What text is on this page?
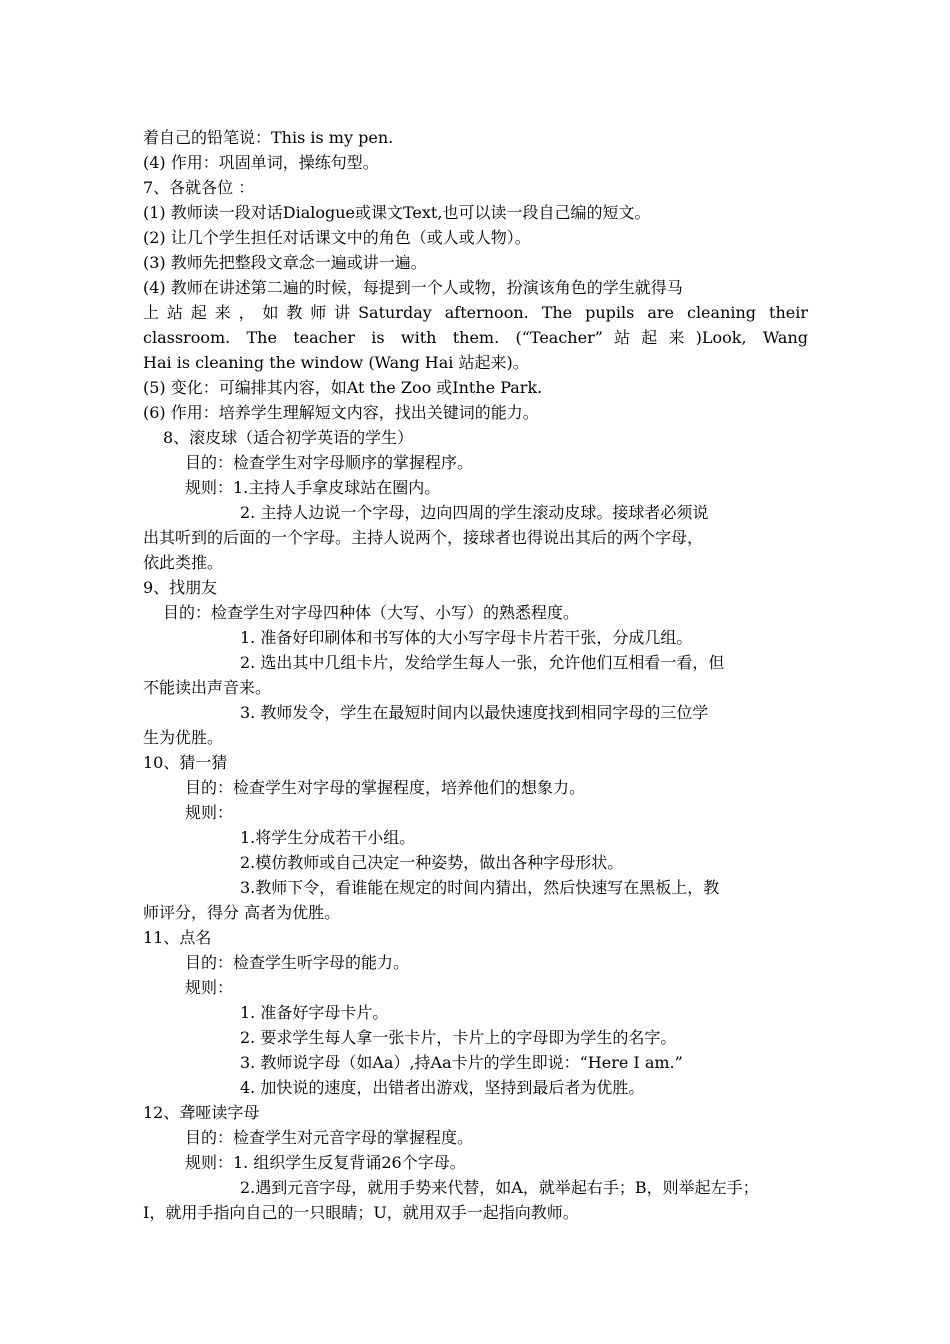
着自己的铅笔说：This is my pen.
(4) 作用：巩固单词，操练句型。
7、各就各位 ：
(1) 教师读一段对话Dialogue或课文Text,也可以读一段自己编的短文。
(2) 让几个学生担任对话课文中的角色（或人或人物）。
(3) 教师先把整段文章念一遍或讲一遍。
(4) 教师在讲述第二遍的时候，每提到一个人或物，扮演该角色的学生就得马
上站起来，如教师讲Saturday afternoon. The pupils are cleaning their
classroom. The teacher is with them. (“Teacher”站起来)Look, Wang
Hai is cleaning the window (Wang Hai 站起来)。
(5) 变化：可编排其内容，如At the Zoo 或Inthe Park.
(6) 作用：培养学生理解短文内容，找出关键词的能力。
8、滚皮球（适合初学英语的学生）
目的：检查学生对字母顺序的掌握程序。
规则：1.主持人手拿皮球站在圈内。
2. 主持人边说一个字母，边向四周的学生滚动皮球。接球者必须说
出其听到的后面的一个字母。主持人说两个，接球者也得说出其后的两个字母，
依此类推。
9、找朋友
目的：检查学生对字母四种体（大写、小写）的熟悉程度。
1. 准备好印刷体和书写体的大小写字母卡片若干张，分成几组。
2. 选出其中几组卡片，发给学生每人一张，允许他们互相看一看，但
不能读出声音来。
3. 教师发令，学生在最短时间内以最快速度找到相同字母的三位学
生为优胜。
10、猜一猜
目的：检查学生对字母的掌握程度，培养他们的想象力。
规则：
1.将学生分成若干小组。
2.模仿教师或自己决定一种姿势，做出各种字母形状。
3.教师下令，看谁能在规定的时间内猜出，然后快速写在黑板上，教
师评分，得分 高者为优胜。
11、点名
目的：检查学生听字母的能力。
规则：
1. 准备好字母卡片。
2. 要求学生每人拿一张卡片，卡片上的字母即为学生的名字。
3. 教师说字母（如Aa）,持Aa卡片的学生即说：“Here I am.”
4. 加快说的速度，出错者出游戏，坚持到最后者为优胜。
12、聋哑读字母
目的：检查学生对元音字母的掌握程度。
规则：1. 组织学生反复背诵26个字母。
2.遇到元音字母，就用手势来代替，如A，就举起右手；B，则举起左手；
I，就用手指向自己的一只眼睛；U，就用双手一起指向教师。
